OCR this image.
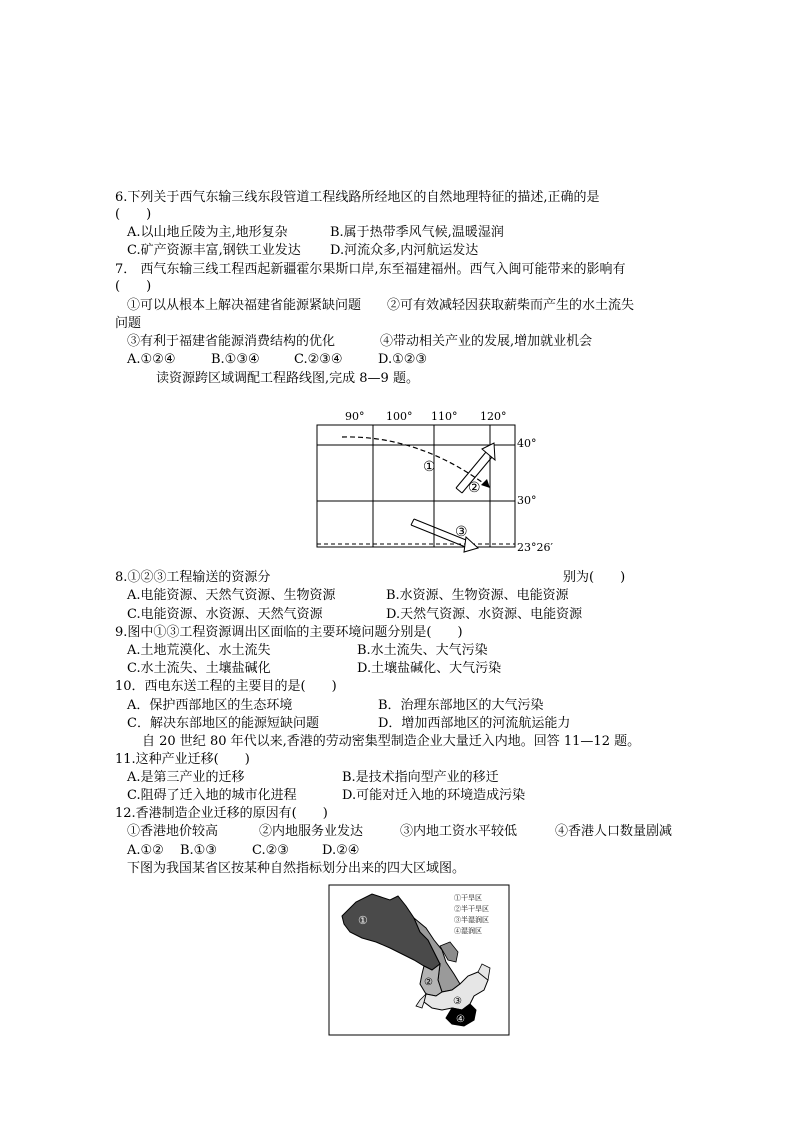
6.下列关于西气东输三线东段管道工程线路所经地区的自然地理特征的描述,正确的是
(　　)
A.以山地丘陵为主,地形复杂	B.属于热带季风气候,温暖湿润
C.矿产资源丰富,钢铁工业发达 D.河流众多,内河航运发达
7． 西气东输三线工程西起新疆霍尔果斯口岸,东至福建福州。西气入闽可能带来的影响有
(　　)
①可以从根本上解决福建省能源紧缺问题 ②可有效减轻因获取薪柴而产生的水土流失
问题
③有利于福建省能源消费结构的优化	④带动相关产业的发展,增加就业机会
A.①②④	B.①③④	C.②③④	D.①②③
读资源跨区域调配工程路线图,完成 8—9 题。
90° 100° 110° 120°
40°
30°
23°26′
①
②
③
8.①②③工程输送的资源分	别为(　　)
A.电能资源、天然气资源、生物资源	B.水资源、生物资源、电能资源
C.电能资源、水资源、天然气资源	D.天然气资源、水资源、电能资源
9.图中①③工程资源调出区面临的主要环境问题分别是(　　)
A.土地荒漠化、水土流失	B.水土流失、大气污染
C.水土流失、土壤盐碱化	D.土壤盐碱化、大气污染
10．西电东送工程的主要目的是(　　)
A．保护西部地区的生态环境	B．治理东部地区的大气污染
C．解决东部地区的能源短缺问题	D．增加西部地区的河流航运能力
自 20 世纪 80 年代以来,香港的劳动密集型制造企业大量迁入内地。回答 11—12 题。
11.这种产业迁移(　　)
A.是第三产业的迁移	B.是技术指向型产业的移迁
C.阻碍了迁入地的城市化进程	D.可能对迁入地的环境造成污染
12.香港制造企业迁移的原因有(　　)
①香港地价较高	②内地服务业发达	③内地工资水平较低	④香港人口数量剧减
A.①② B.①③	C.②③	D.②④
下图为我国某省区按某种自然指标划分出来的四大区域图。
①干旱区
②半干旱区
③半湿润区
④湿润区
①
②
③
④
